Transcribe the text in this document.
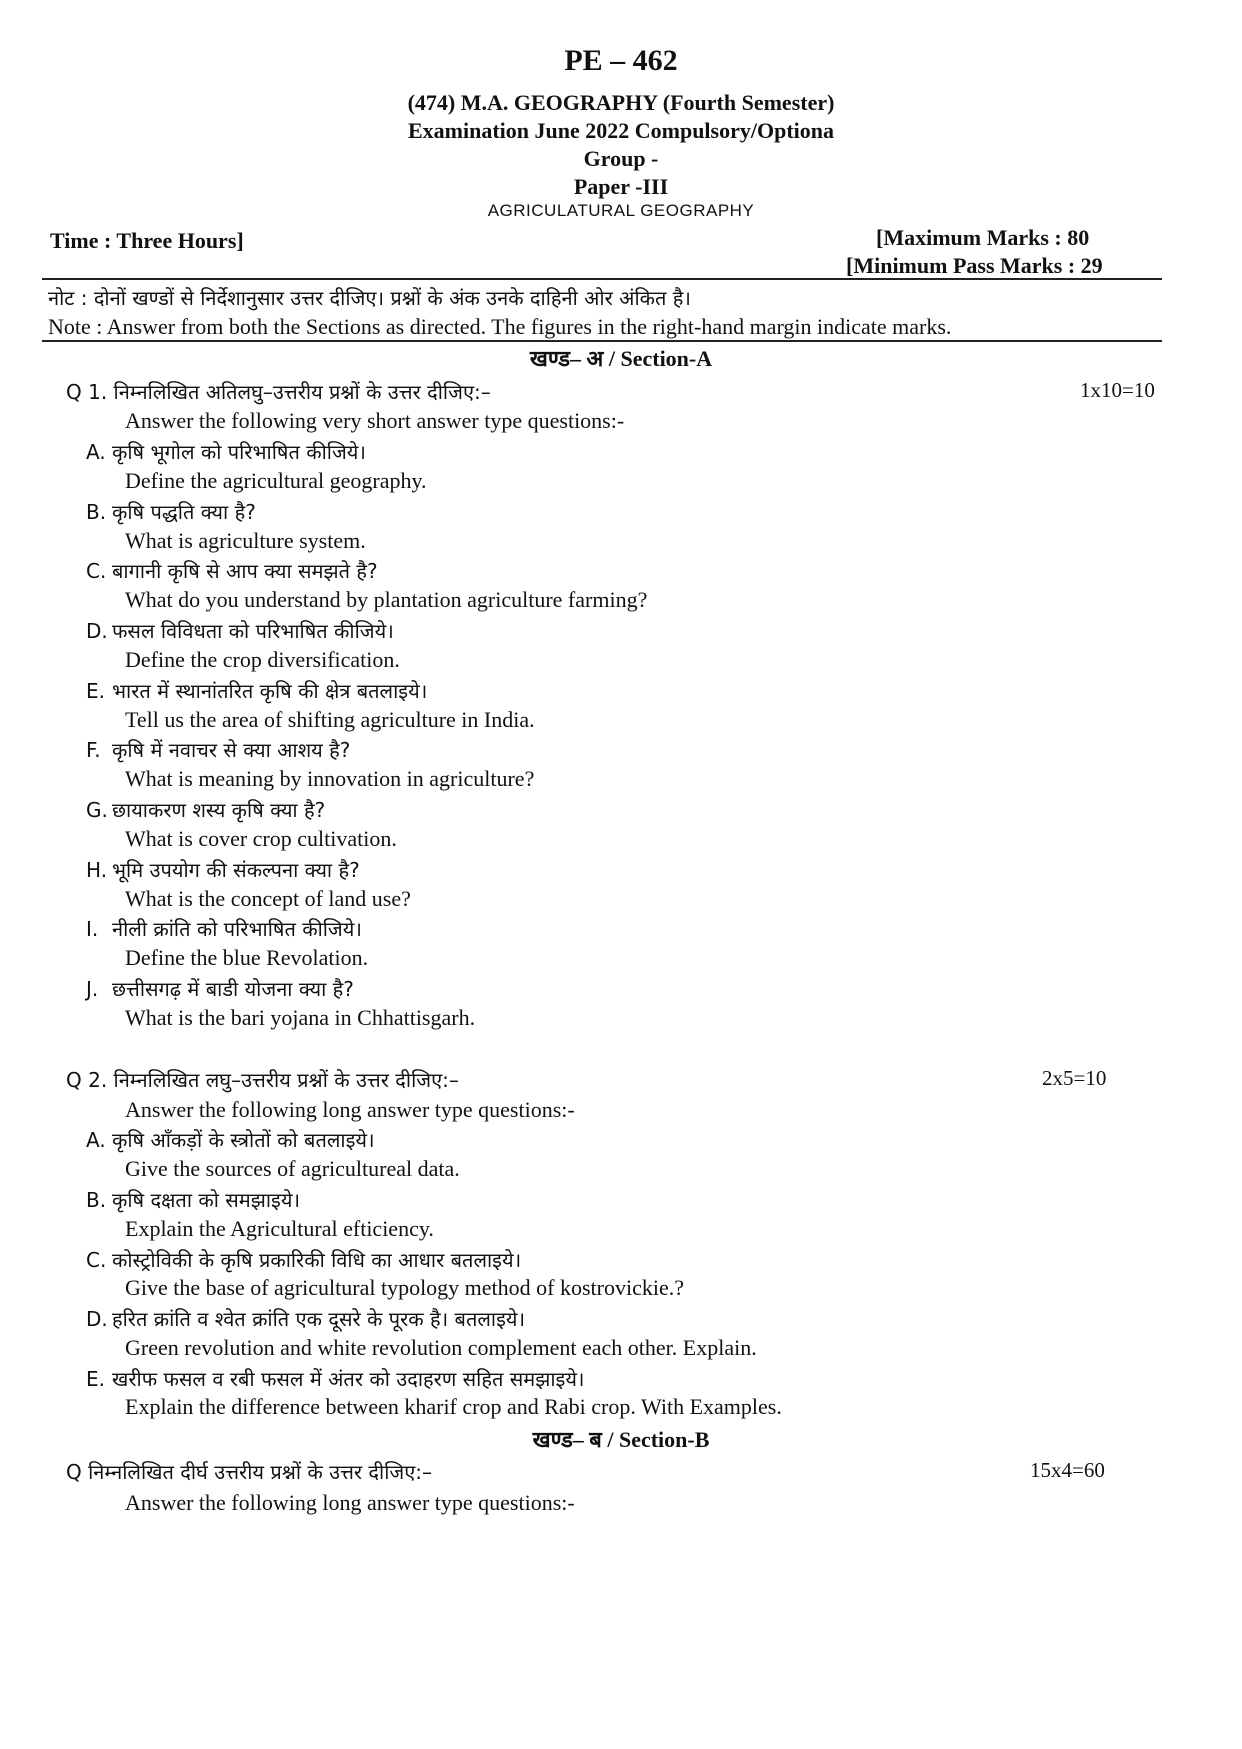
PE – 462
(474) M.A. GEOGRAPHY (Fourth Semester)
Examination June 2022 Compulsory/Optiona
Group -
Paper -III
AGRICULATURAL GEOGRAPHY
Time : Three Hours]	[Maximum Marks : 80
[Minimum Pass Marks : 29
नोट : दोनों खण्डों से निर्देशानुसार उत्तर दीजिए। प्रश्नों के अंक उनके दाहिनी ओर अंकित है।
Note : Answer from both the Sections as directed. The figures in the right-hand margin indicate marks.
खण्ड– अ / Section-A
Q 1. निम्नलिखित अतिलघु–उत्तरीय प्रश्नों के उत्तर दीजिए:–	1x10=10
Answer the following very short answer type questions:-
A. कृषि भूगोल को परिभाषित कीजिये।
Define the agricultural geography.
B. कृषि पद्धति क्या है?
What is agriculture system.
C. बागानी कृषि से आप क्या समझते है?
What do you understand by plantation agriculture farming?
D. फसल विविधता को परिभाषित कीजिये।
Define the crop diversification.
E. भारत में स्थानांतरित कृषि की क्षेत्र बतलाइये।
Tell us the area of shifting agriculture in India.
F. कृषि में नवाचर से क्या आशय है?
What is meaning by innovation in agriculture?
G. छायाकरण शस्य कृषि क्या है?
What is cover crop cultivation.
H. भूमि उपयोग की संकल्पना क्या है?
What is the concept of land use?
I. नीली क्रांति को परिभाषित कीजिये।
Define the blue Revolation.
J. छत्तीसगढ़ में बाडी योजना क्या है?
What is the bari yojana in Chhattisgarh.
Q 2. निम्नलिखित लघु–उत्तरीय प्रश्नों के उत्तर दीजिए:–	2x5=10
Answer the following long answer type questions:-
A. कृषि आँकड़ों के स्त्रोतों को बतलाइये।
Give the sources of agricultureal data.
B. कृषि दक्षता को समझाइये।
Explain the Agricultural efticiency.
C. कोस्ट्रोविकी के कृषि प्रकारिकी विधि का आधार बतलाइये।
Give the base of agricultural typology method of kostrovickie.?
D. हरित क्रांति व श्वेत क्रांति एक दूसरे के पूरक है। बतलाइये।
Green revolution and white revolution complement each other. Explain.
E. खरीफ फसल व रबी फसल में अंतर को उदाहरण सहित समझाइये।
Explain the difference between kharif crop and Rabi crop. With Examples.
खण्ड– ब / Section-B
Q निम्नलिखित दीर्घ उत्तरीय प्रश्नों के उत्तर दीजिए:–	15x4=60
Answer the following long answer type questions:-
